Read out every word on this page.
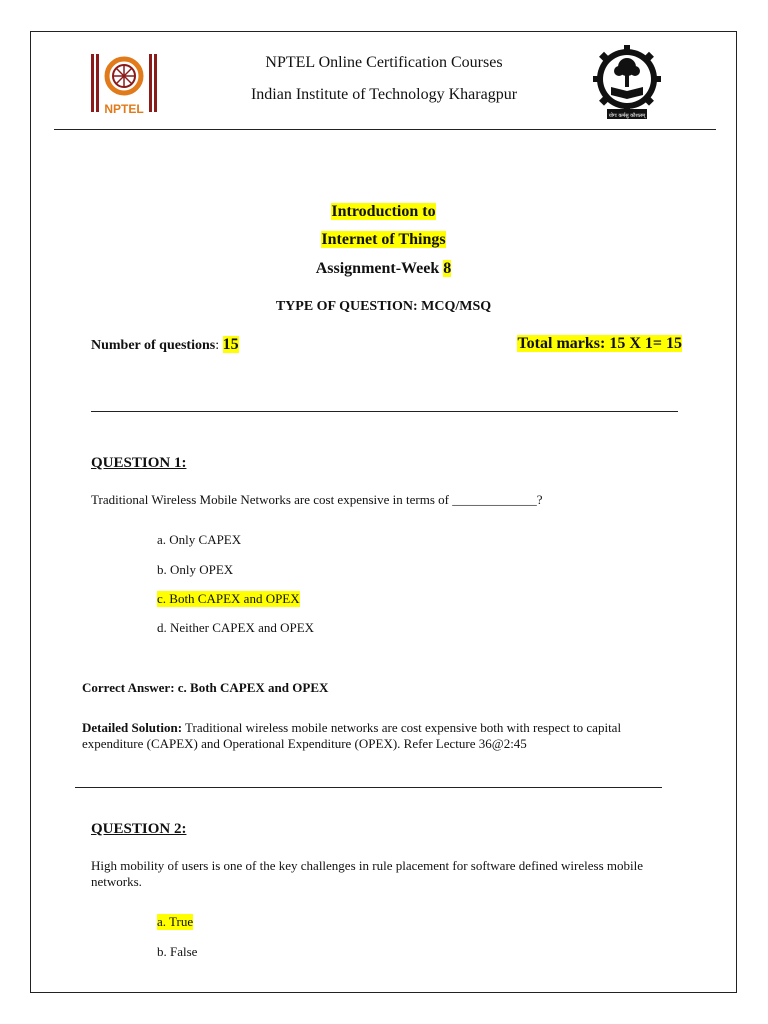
NPTEL	योगः कर्मसु कौशलम्
NPTEL Online Certification Courses
Indian Institute of Technology Kharagpur
Introduction to
Internet of Things
Assignment-Week 8
TYPE OF QUESTION: MCQ/MSQ
Number of questions: 15	Total marks: 15 X 1= 15
QUESTION 1:
Traditional Wireless Mobile Networks are cost expensive in terms of _____________?
a. Only CAPEX
b. Only OPEX
c. Both CAPEX and OPEX
d. Neither CAPEX and OPEX
Correct Answer: c. Both CAPEX and OPEX
Detailed Solution: Traditional wireless mobile networks are cost expensive both with respect to capital expenditure (CAPEX) and Operational Expenditure (OPEX). Refer Lecture 36@2:45
QUESTION 2:
High mobility of users is one of the key challenges in rule placement for software defined wireless mobile networks.
a. True
b. False
